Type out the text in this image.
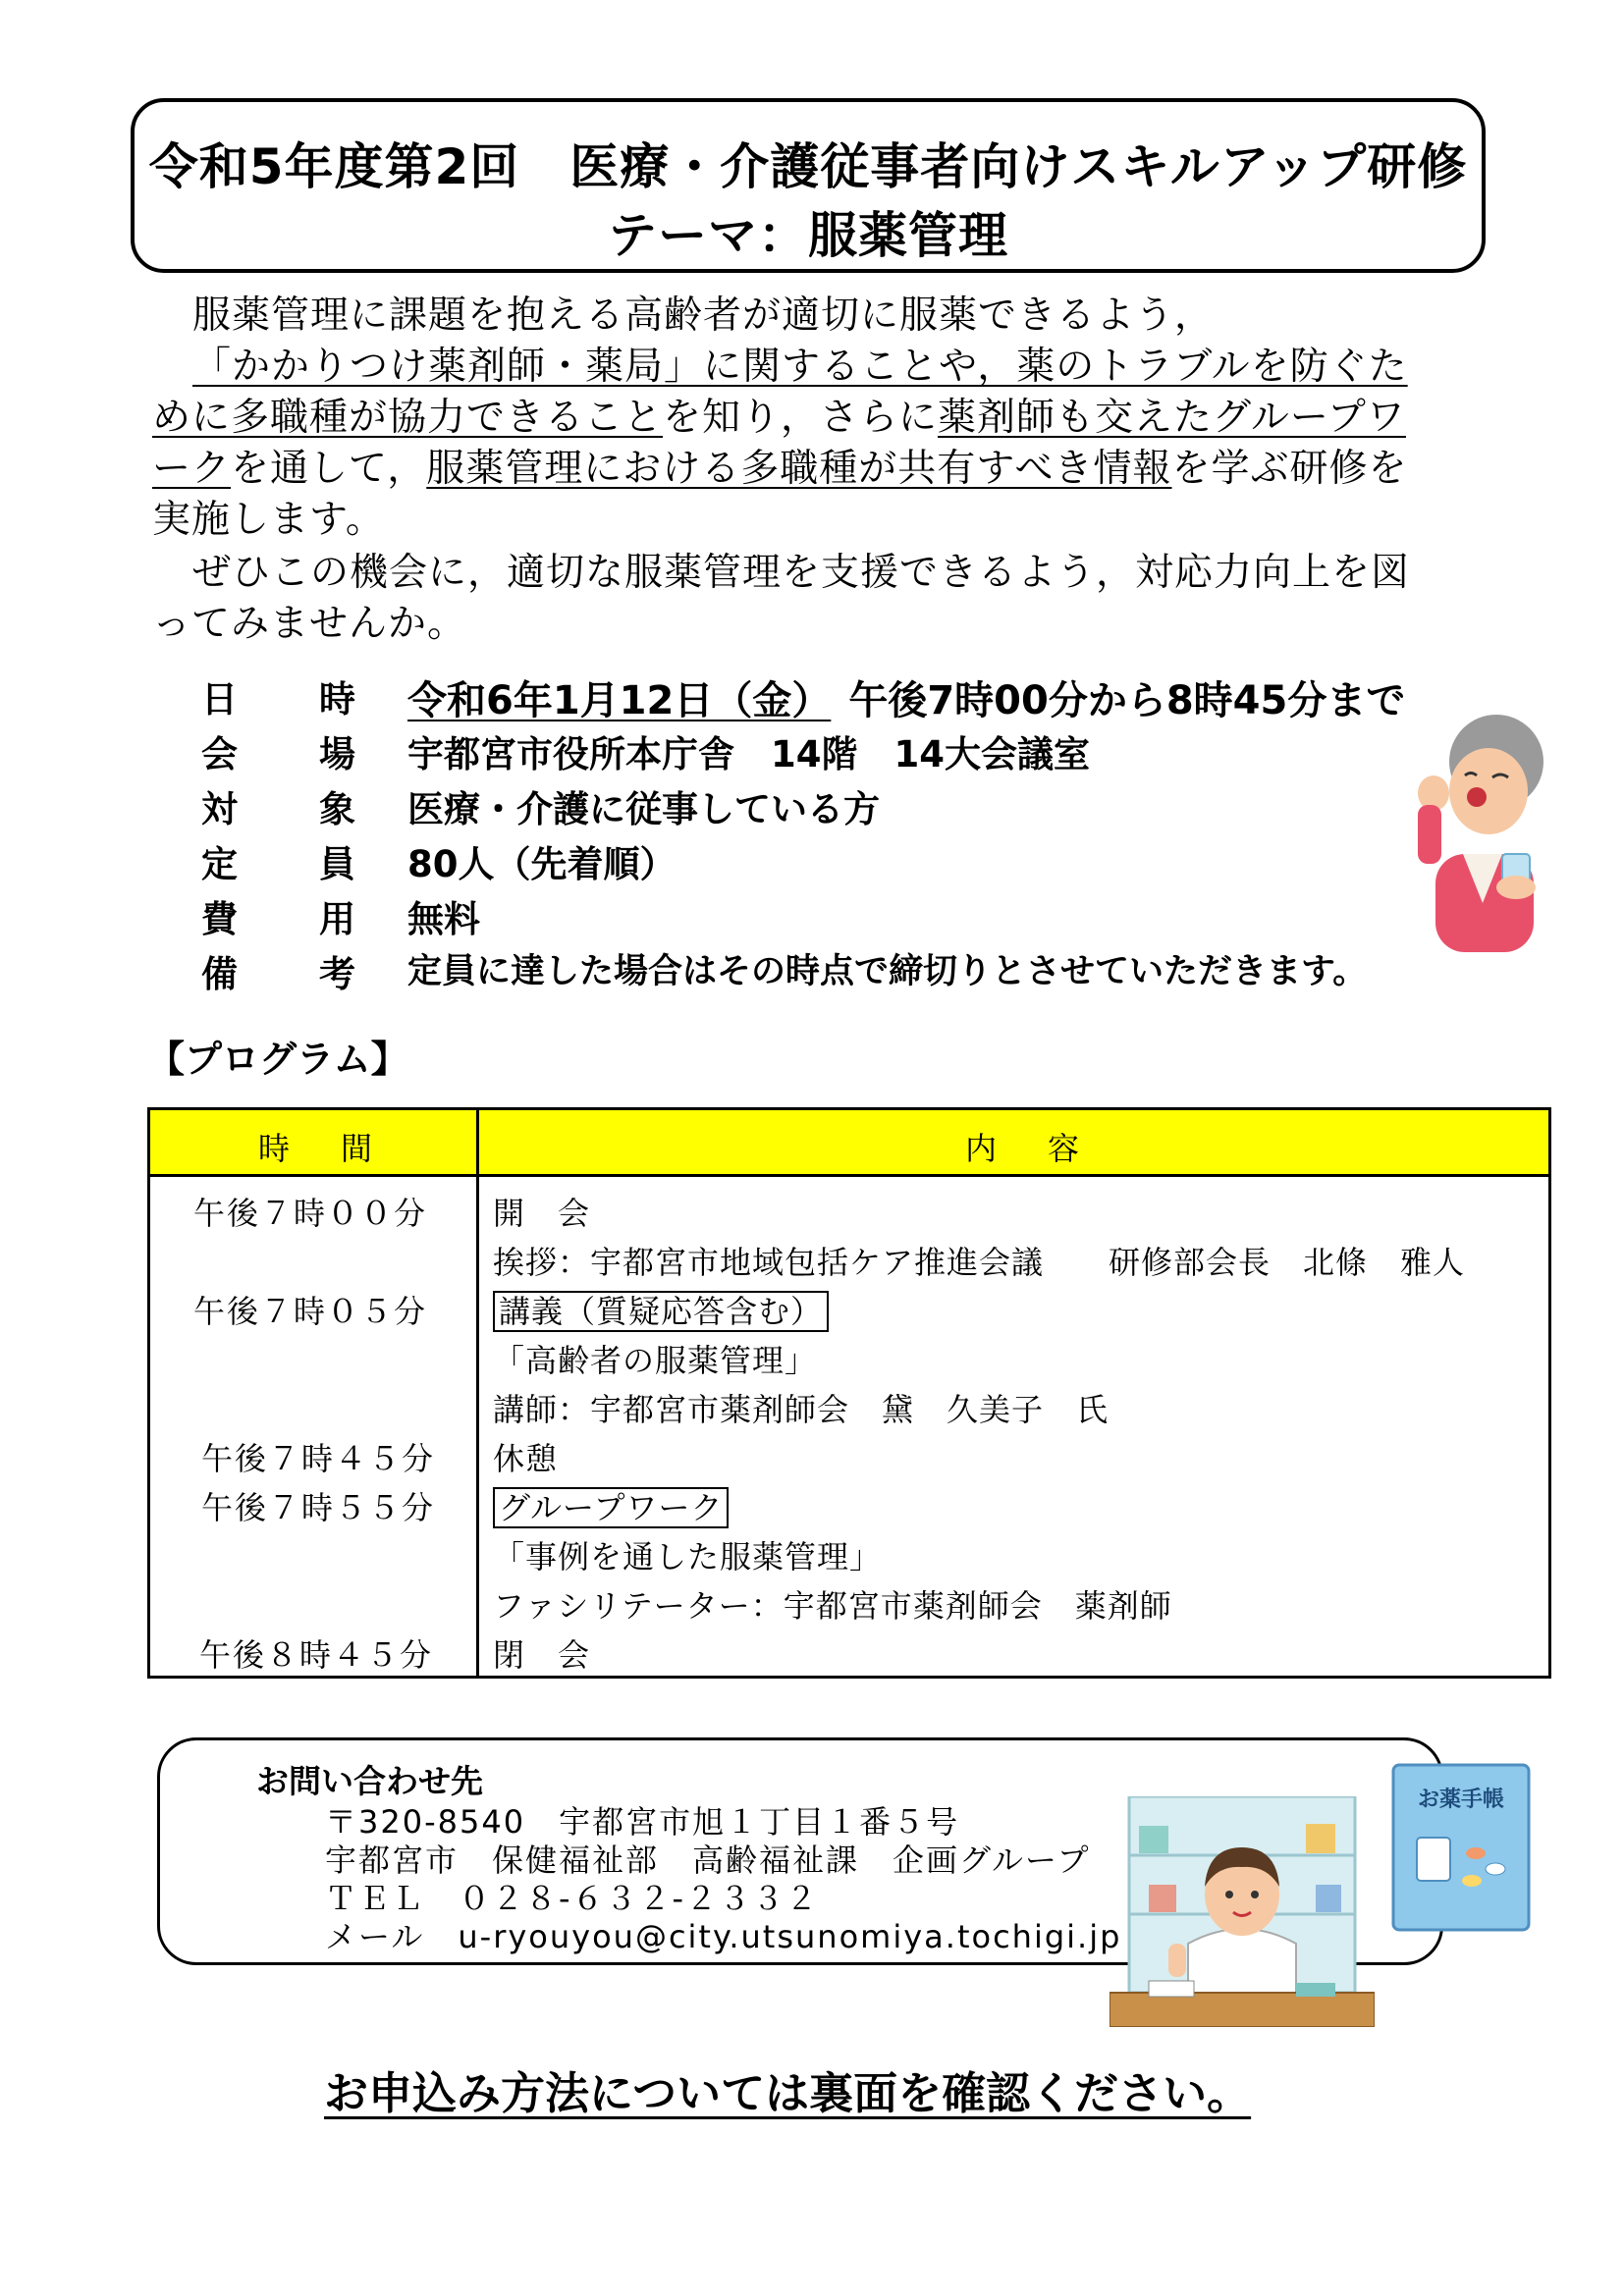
令和5年度第2回　医療・介護従事者向けスキルアップ研修
テーマ：服薬管理
服薬管理に課題を抱える高齢者が適切に服薬できるよう，
「かかりつけ薬剤師・薬局」に関することや，薬のトラブルを防ぐた
めに多職種が協力できることを知り，さらに薬剤師も交えたグループワ
ークを通して，服薬管理における多職種が共有すべき情報を学ぶ研修を
実施します。
ぜひこの機会に，適切な服薬管理を支援できるよう，対応力向上を図
ってみませんか。
日 時 令和6年1月12日（金） 午後7時00分から8時45分まで
会 場 宇都宮市役所本庁舎　14階　14大会議室
対 象 医療・介護に従事している方
定 員 80人（先着順）
費 用 無料
備 考 定員に達した場合はその時点で締切りとさせていただきます。
【プログラム】
時　間	内　容
午後７時００分 開　会
挨拶：宇都宮市地域包括ケア推進会議　　研修部会長　北條　雅人
午後７時０５分 講義（質疑応答含む）
「高齢者の服薬管理」
講師：宇都宮市薬剤師会　黛　久美子　氏
午後７時４５分 休憩
午後７時５５分 グループワーク
「事例を通した服薬管理」
ファシリテーター：宇都宮市薬剤師会　薬剤師
午後８時４５分 閉　会
お問い合わせ先
〒320-8540　宇都宮市旭１丁目１番５号
宇都宮市　保健福祉部　高齢福祉課　企画グループ
ＴＥＬ　０２８-６３２-２３３２
メール　u-ryouyou@city.utsunomiya.tochigi.jp
お薬手帳
お申込み方法については裏面を確認ください。
